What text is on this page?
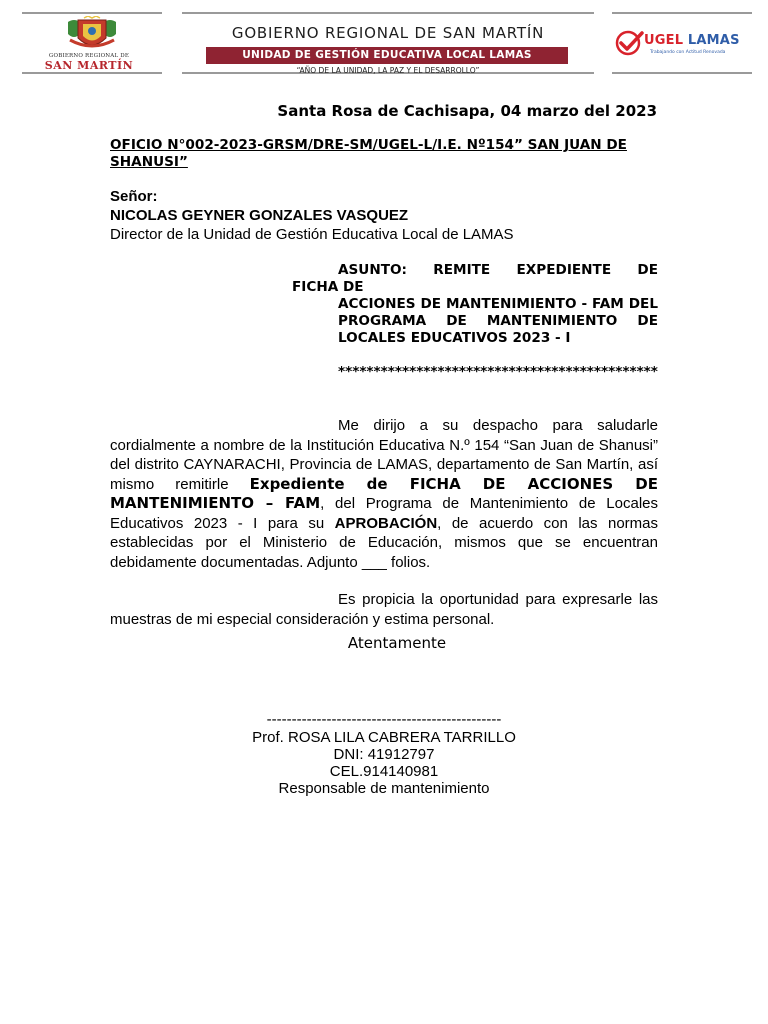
GOBIERNO REGIONAL DE
SAN MARTÍN
GOBIERNO REGIONAL DE SAN MARTÍN
UNIDAD DE GESTIÓN EDUCATIVA LOCAL LAMAS
“AÑO DE LA UNIDAD, LA PAZ Y EL DESARROLLO”
UGEL LAMAS
Trabajando con Actitud Renovada
Santa Rosa de Cachisapa, 04 marzo del 2023
OFICIO N°002-2023-GRSM/DRE-SM/UGEL-L/I.E. Nº154” SAN JUAN DE SHANUSI”
Señor:
NICOLAS GEYNER GONZALES VASQUEZ
Director de la Unidad de Gestión Educativa Local de LAMAS
ASUNTO: REMITE EXPEDIENTE DE
FICHA DE
ACCIONES DE MANTENIMIENTO - FAM DEL PROGRAMA DE MANTENIMIENTO DE LOCALES EDUCATIVOS 2023 - I
*********************************************
Me dirijo a su despacho para saludarle cordialmente a nombre de la Institución Educativa N.º 154 “San Juan de Shanusi” del distrito CAYNARACHI, Provincia de LAMAS, departamento de San Martín, así mismo remitirle Expediente de FICHA DE ACCIONES DE MANTENIMIENTO – FAM, del Programa de Mantenimiento de Locales Educativos 2023 - I para su APROBACIÓN, de acuerdo con las normas establecidas por el Ministerio de Educación, mismos que se encuentran debidamente documentadas. Adjunto ___ folios.
Es propicia la oportunidad para expresarle las muestras de mi especial consideración y estima personal.
Atentamente
-----------------------------------------------
Prof. ROSA LILA CABRERA TARRILLO
DNI: 41912797
CEL.914140981
Responsable de mantenimiento
